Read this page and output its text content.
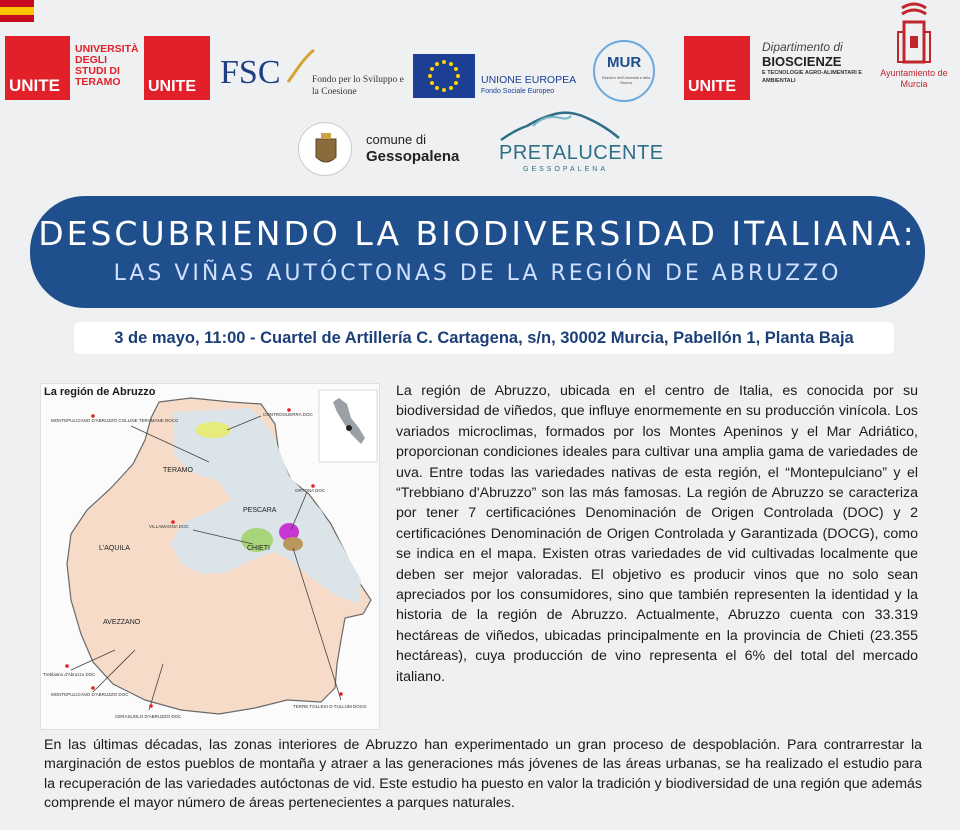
UNITE
UNIVERSITÀ DEGLI STUDI DI TERAMO	UNITE FSC	Fondo per lo Sviluppo e la Coesione
UNIONE EUROPEA
Fondo Sociale Europeo
MUR
Ministero dell'Università e della Ricerca	UNITE
Dipartimento di
BIOSCIENZE
E TECNOLOGIE AGRO-ALIMENTARI E AMBIENTALI
Ayuntamiento de Murcia
comune di
Gessopalena PRETALUCENTE
GESSOPALENA
DESCUBRIENDO LA BIODIVERSIDAD ITALIANA:
LAS VIÑAS AUTÓCTONAS DE LA REGIÓN DE ABRUZZO
3 de mayo, 11:00 - Cuartel de Artillería C. Cartagena, s/n, 30002 Murcia, Pabellón 1, Planta Baja
La región de Abruzzo
TERAMO
PESCARA
L'AQUILA	CHIETI
AVEZZANO
CONTROGUERRA DOC
MONTEPULCIANO D'ABRUZZO COLLINE TERAMANE DOCG
ORTONA DOC
VILLAMAGNA DOC
Trebbiano d'Abruzzo DOC
MONTEPULCIANO D'ABRUZZO DOC
CERASUOLO D'ABRUZZO DOC
TERRE TOLLESI O TULLUM DOCG
La región de Abruzzo, ubicada en el centro de Italia, es conocida por su biodiversidad de viñedos, que influye enormemente en su producción vinícola. Los variados microclimas, formados por los Montes Apeninos y el Mar Adriático, proporcionan condiciones ideales para cultivar una amplia gama de variedades de uva. Entre todas las variedades nativas de esta región, el “Montepulciano” y el “Trebbiano d'Abruzzo” son las más famosas. La región de Abruzzo se caracteriza por tener 7 certificaciónes Denominación de Origen Controlada (DOC) y 2 certificaciónes Denominación de Origen Controlada y Garantizada (DOCG), como se indica en el mapa. Existen otras variedades de vid cultivadas localmente que deben ser mejor valoradas. El objetivo es producir vinos que no solo sean apreciados por los consumidores, sino que también representen la identidad y la historia de la región de Abruzzo. Actualmente, Abruzzo cuenta con 33.319 hectáreas de viñedos, ubicadas principalmente en la provincia de Chieti (23.355 hectáreas), cuya producción de vino representa el 6% del total del mercado italiano.
En las últimas décadas, las zonas interiores de Abruzzo han experimentado un gran proceso de despoblación. Para contrarrestar la marginación de estos pueblos de montaña y atraer a las generaciones más jóvenes de las áreas urbanas, se ha realizado el estudio para la recuperación de las variedades autóctonas de vid. Este estudio ha puesto en valor la tradición y biodiversidad de una región que además comprende el mayor número de áreas pertenecientes a parques naturales.
